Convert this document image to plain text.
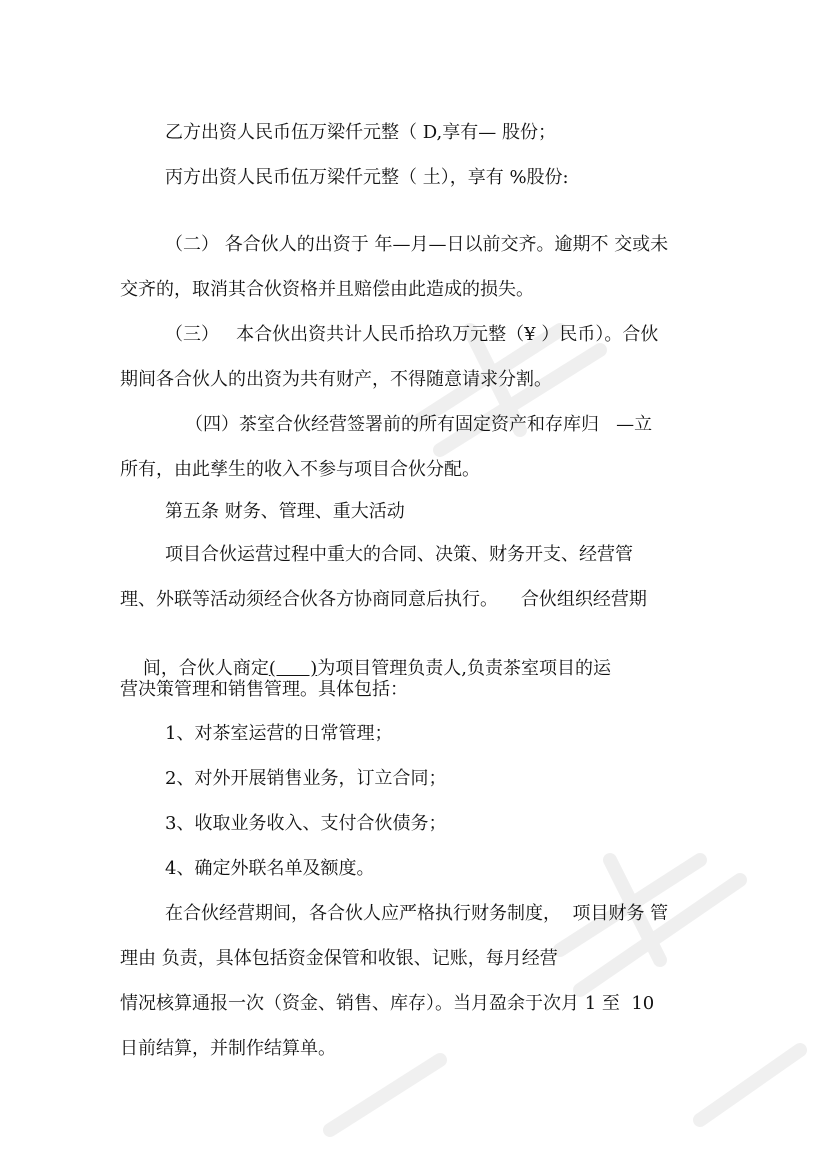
乙方出资人民币伍万梁仟元整（ D,享有— 股份；
丙方出资人民币伍万梁仟元整（ 土），享有 %股份:
（二） 各合伙人的出资于 年—月—日以前交齐。逾期不 交或未
交齐的，取消其合伙资格并且赔偿由此造成的损失。
（三）   本合伙出资共计人民币拾玖万元整（¥ ）民币）。合伙
期间各合伙人的出资为共有财产，不得随意请求分割。
（四）茶室合伙经营签署前的所有固定资产和存库归   —立
所有，由此孳生的收入不参与项目合伙分配。
第五条 财务、管理、重大活动
项目合伙运营过程中重大的合同、决策、财务开支、经营管
理、外联等活动须经合伙各方协商同意后执行。    合伙组织经营期

间，合伙人商定(      )为项目管理负责人,负责茶室项目的运

营决策管理和销售管理。具体包括：
1、对茶室运营的日常管理；
2、对外开展销售业务，订立合同；
3、收取业务收入、支付合伙债务；
4、确定外联名单及额度。
在合伙经营期间，各合伙人应严格执行财务制度，  项目财务 管
理由 负责，具体包括资金保管和收银、记账，每月经营
情况核算通报一次（资金、销售、库存）。当月盈余于次月 1 至  10
日前结算，并制作结算单。
